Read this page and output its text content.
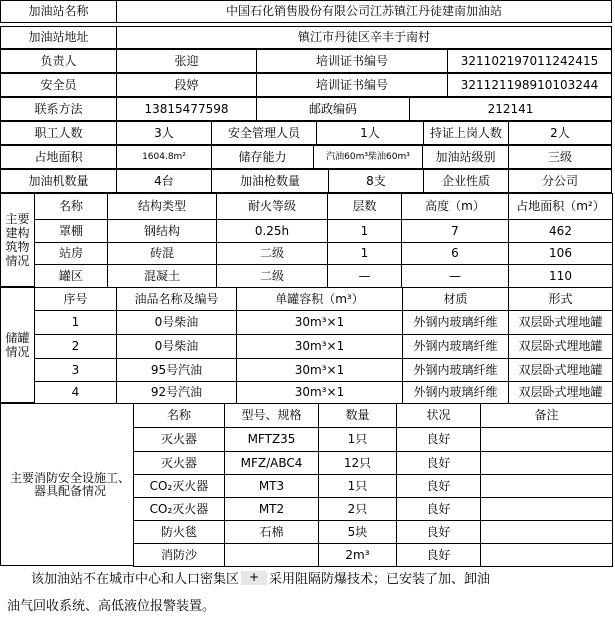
加油站名称	中国石化销售股份有限公司江苏镇江丹徒建南加油站
加油站地址	镇江市丹徒区辛丰于南村
负责人	张迎	培训证书编号	321102197011242415
安全员	段婷	培训证书编号	321121198910103244
联系方法	13815477598	邮政编码	212141
职工人数	3人	安全管理人员	1人	持证上岗人数	2人
占地面积	1604.8m²	储存能力	汽油60m³柴油60m³	加油站级别	三级
加油机数量	4台	加油枪数量	8支	企业性质	分公司
主要建构筑物情况
名称	结构类型	耐火等级	层数	高度（m）	占地面积（m²）
罩棚	钢结构	0.25h	1	7	462
站房	砖混	二级	1	6	106
罐区	混凝土	二级	—	—	110
储罐情况
序号	油品名称及编号	单罐容积（m³）	材质	形式
1	0号柴油	30m³×1	外钢内玻璃纤维	双层卧式埋地罐
2	0号柴油	30m³×1	外钢内玻璃纤维	双层卧式埋地罐
3	95号汽油	30m³×1	外钢内玻璃纤维	双层卧式埋地罐
4	92号汽油	30m³×1	外钢内玻璃纤维	双层卧式埋地罐
主要消防安全设施工、器具配备情况
名称	型号、规格	数量	状况	备注
灭火器	MFTZ35	1只	良好
灭火器	MFZ/ABC4	12只	良好
CO₂灭火器	MT3	1只	良好
CO₂灭火器	MT2	2只	良好
防火毯	石棉	5块	良好
消防沙	2m³	良好
该加油站不在城市中心和人口密集区+ 采用阻隔防爆技术；已安装了加、卸油
油气回收系统、高低液位报警装置。
